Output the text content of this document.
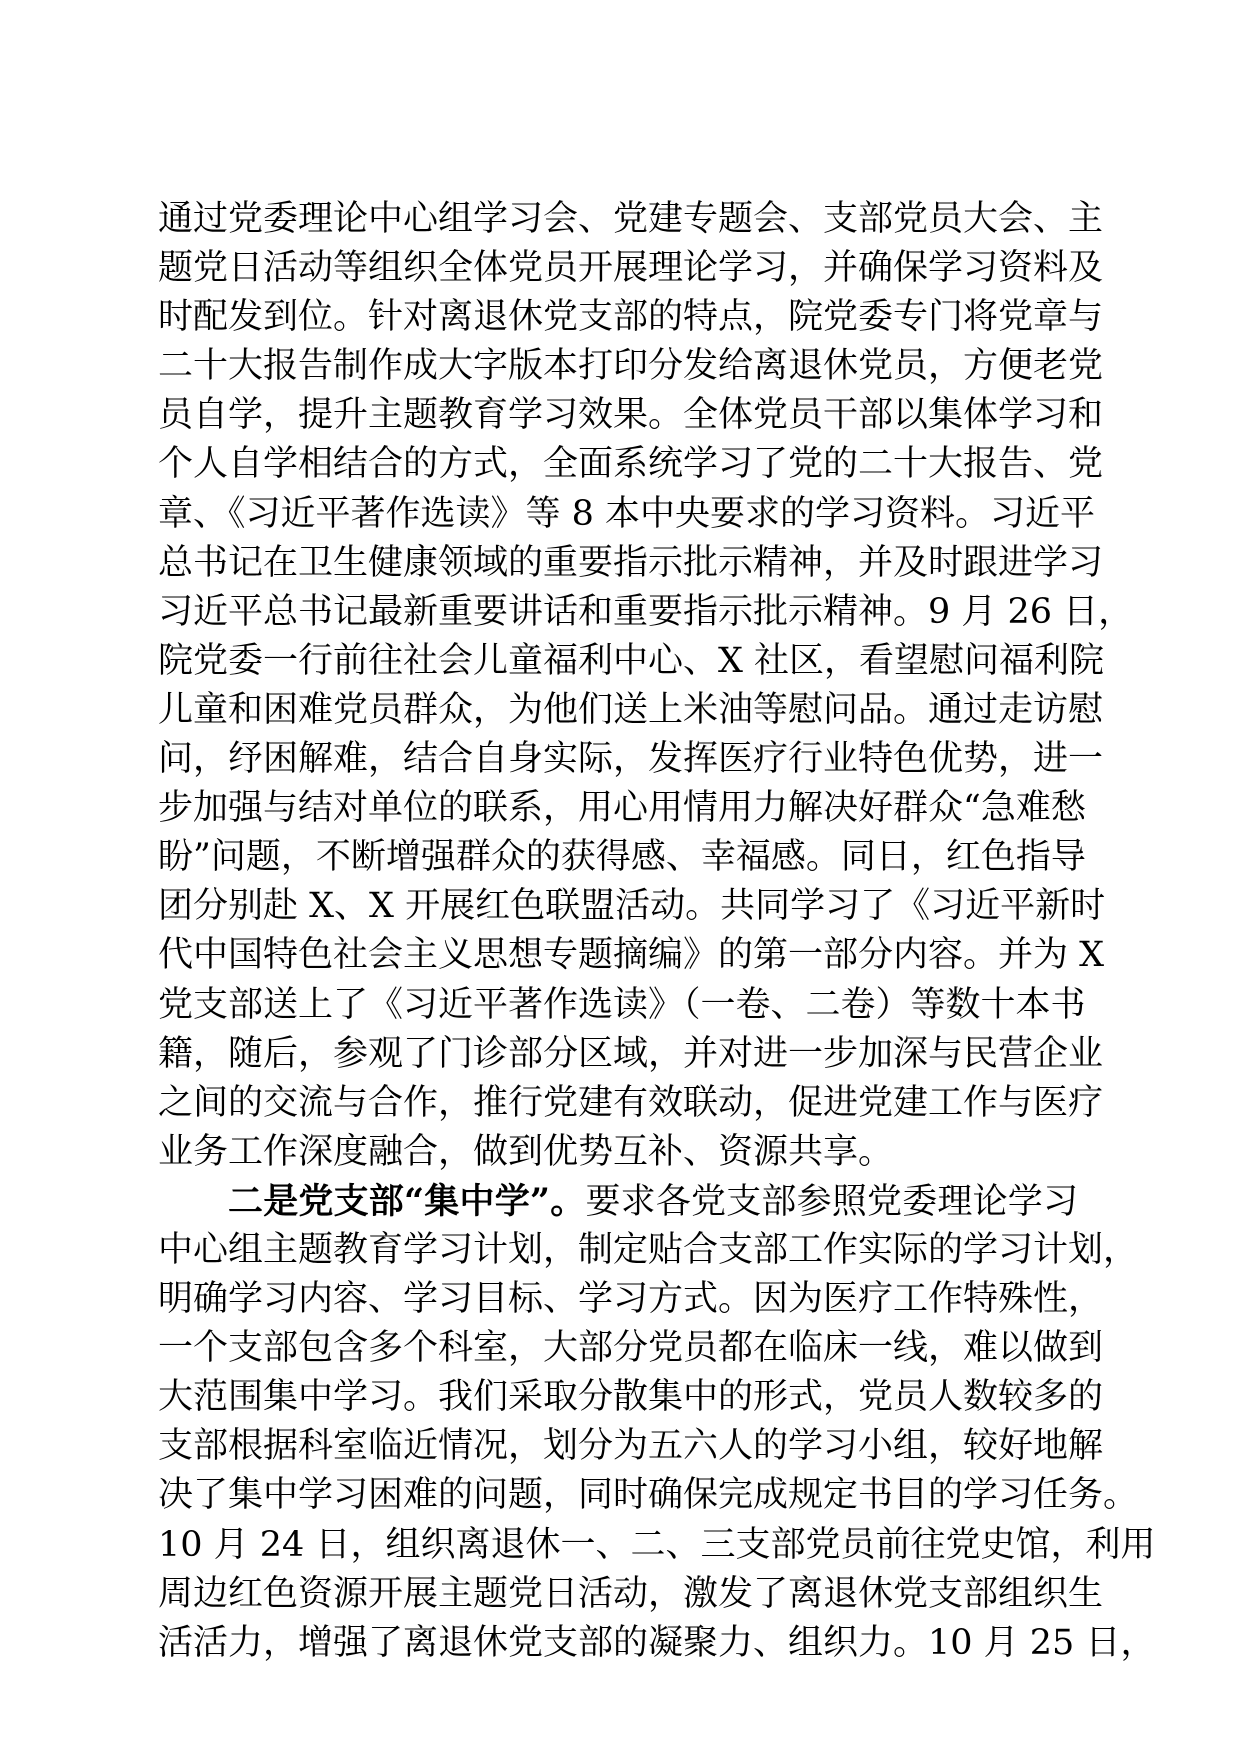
通过党委理论中心组学习会、党建专题会、支部党员大会、主
题党日活动等组织全体党员开展理论学习，并确保学习资料及
时配发到位。针对离退休党支部的特点，院党委专门将党章与
二十大报告制作成大字版本打印分发给离退休党员，方便老党
员自学，提升主题教育学习效果。全体党员干部以集体学习和
个人自学相结合的方式，全面系统学习了党的二十大报告、党
章、《习近平著作选读》等 8 本中央要求的学习资料。习近平
总书记在卫生健康领域的重要指示批示精神，并及时跟进学习
习近平总书记最新重要讲话和重要指示批示精神。9 月 26 日，
院党委一行前往社会儿童福利中心、X 社区，看望慰问福利院
儿童和困难党员群众，为他们送上米油等慰问品。通过走访慰
问，纾困解难，结合自身实际，发挥医疗行业特色优势，进一
步加强与结对单位的联系，用心用情用力解决好群众“急难愁
盼”问题，不断增强群众的获得感、幸福感。同日，红色指导
团分别赴 X、X 开展红色联盟活动。共同学习了《习近平新时
代中国特色社会主义思想专题摘编》的第一部分内容。并为 X
党支部送上了《习近平著作选读》（一卷、二卷）等数十本书
籍，随后，参观了门诊部分区域，并对进一步加深与民营企业
之间的交流与合作，推行党建有效联动，促进党建工作与医疗
业务工作深度融合，做到优势互补、资源共享。
二是党支部“集中学”。要求各党支部参照党委理论学习
中心组主题教育学习计划，制定贴合支部工作实际的学习计划，
明确学习内容、学习目标、学习方式。因为医疗工作特殊性，
一个支部包含多个科室，大部分党员都在临床一线，难以做到
大范围集中学习。我们采取分散集中的形式，党员人数较多的
支部根据科室临近情况，划分为五六人的学习小组，较好地解
决了集中学习困难的问题，同时确保完成规定书目的学习任务。
10 月 24 日，组织离退休一、二、三支部党员前往党史馆，利用
周边红色资源开展主题党日活动，激发了离退休党支部组织生
活活力，增强了离退休党支部的凝聚力、组织力。10 月 25 日，
